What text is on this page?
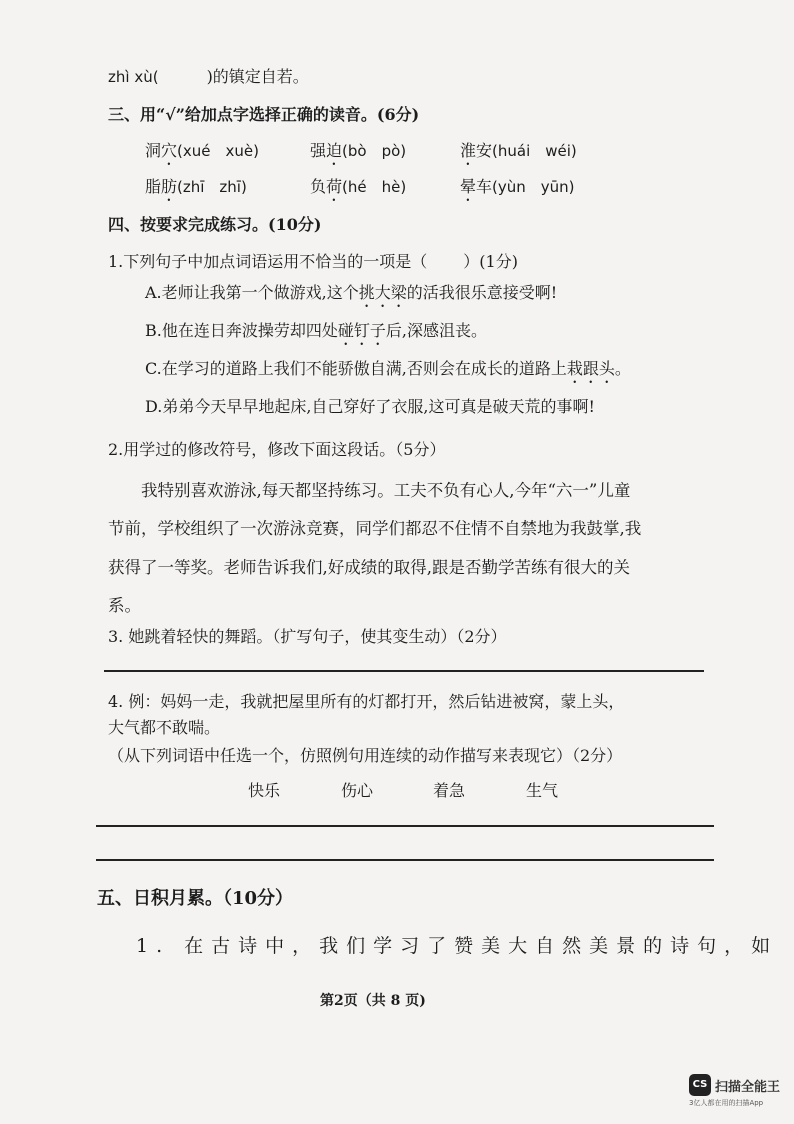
zhì xù(	)的镇定自若。
三、用“√”给加点字选择正确的读音。(6分)
洞穴(xué　xuè)	强迫(bò　pò)	淮安(huái　wéi)
脂肪(zhī　zhī)	负荷(hé　hè)	晕车(yùn　yūn)
四、按要求完成练习。(10分)
1.下列句子中加点词语运用不恰当的一项是（ ）(1分)
A.老师让我第一个做游戏,这个挑大梁的活我很乐意接受啊!
B.他在连日奔波操劳却四处碰钉子后,深感沮丧。
C.在学习的道路上我们不能骄傲自满,否则会在成长的道路上栽跟头。
D.弟弟今天早早地起床,自己穿好了衣服,这可真是破天荒的事啊!
2.用学过的修改符号，修改下面这段话。（5分）
我特别喜欢游泳,每天都坚持练习。工夫不负有心人,今年“六一”儿童
节前，学校组织了一次游泳竞赛，同学们都忍不住情不自禁地为我鼓掌,我
获得了一等奖。老师告诉我们,好成绩的取得,跟是否勤学苦练有很大的关
系。
3. 她跳着轻快的舞蹈。（扩写句子，使其变生动）（2分）
4. 例：妈妈一走，我就把屋里所有的灯都打开，然后钻进被窝，蒙上头，
大气都不敢喘。
（从下列词语中任选一个，仿照例句用连续的动作描写来表现它）（2分）
快乐	伤心	着急	生气
五、日积月累。（10分）
1. 在古诗中，我们学习了赞美大自然美景的诗句，如
第2页（共 8 页)
CS 扫描全能王
3亿人都在用的扫描App
